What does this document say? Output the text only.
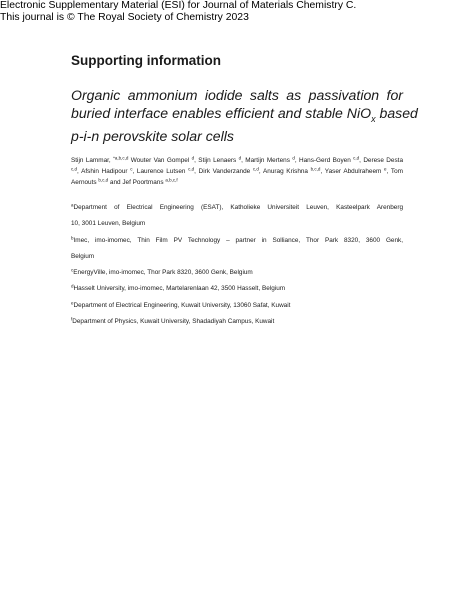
Electronic Supplementary Material (ESI) for Journal of Materials Chemistry C.
This journal is © The Royal Society of Chemistry 2023
Supporting information
Organic ammonium iodide salts as passivation for
buried interface enables efficient and stable NiO$_x$ based
p-i-n perovskite solar cells
Stijn Lammar, $^{*a,b,c,d}$ Wouter Van Gompel $^d$, Stijn Lenaers $^d$, Martijn Mertens $^d$, Hans-Gerd Boyen $^{c,d}$, Derese Desta
$^{c,d}$, Afshin Hadipour $^c$, Laurence Lutsen $^{c,d}$, Dirk Vanderzande $^{c,d}$, Anurag Krishna $^{b,c,d}$, Yaser Abdulraheem $^e$, Tom
Aernouts $^{b,c,d}$ and Jef Poortmans $^{a,b,c,f}$
$^a$Department of Electrical Engineering (ESAT), Katholieke Universiteit Leuven, Kasteelpark Arenberg
10, 3001 Leuven, Belgium
$^b$Imec, imo-imomec, Thin Film PV Technology – partner in Solliance, Thor Park 8320, 3600 Genk,
Belgium
$^c$EnergyVille, imo-imomec, Thor Park 8320, 3600 Genk, Belgium
$^d$Hasselt University, imo-imomec, Martelarenlaan 42, 3500 Hasselt, Belgium
$^e$Department of Electrical Engineering, Kuwait University, 13060 Safat, Kuwait
$^f$Department of Physics, Kuwait University, Shadadiyah Campus, Kuwait
